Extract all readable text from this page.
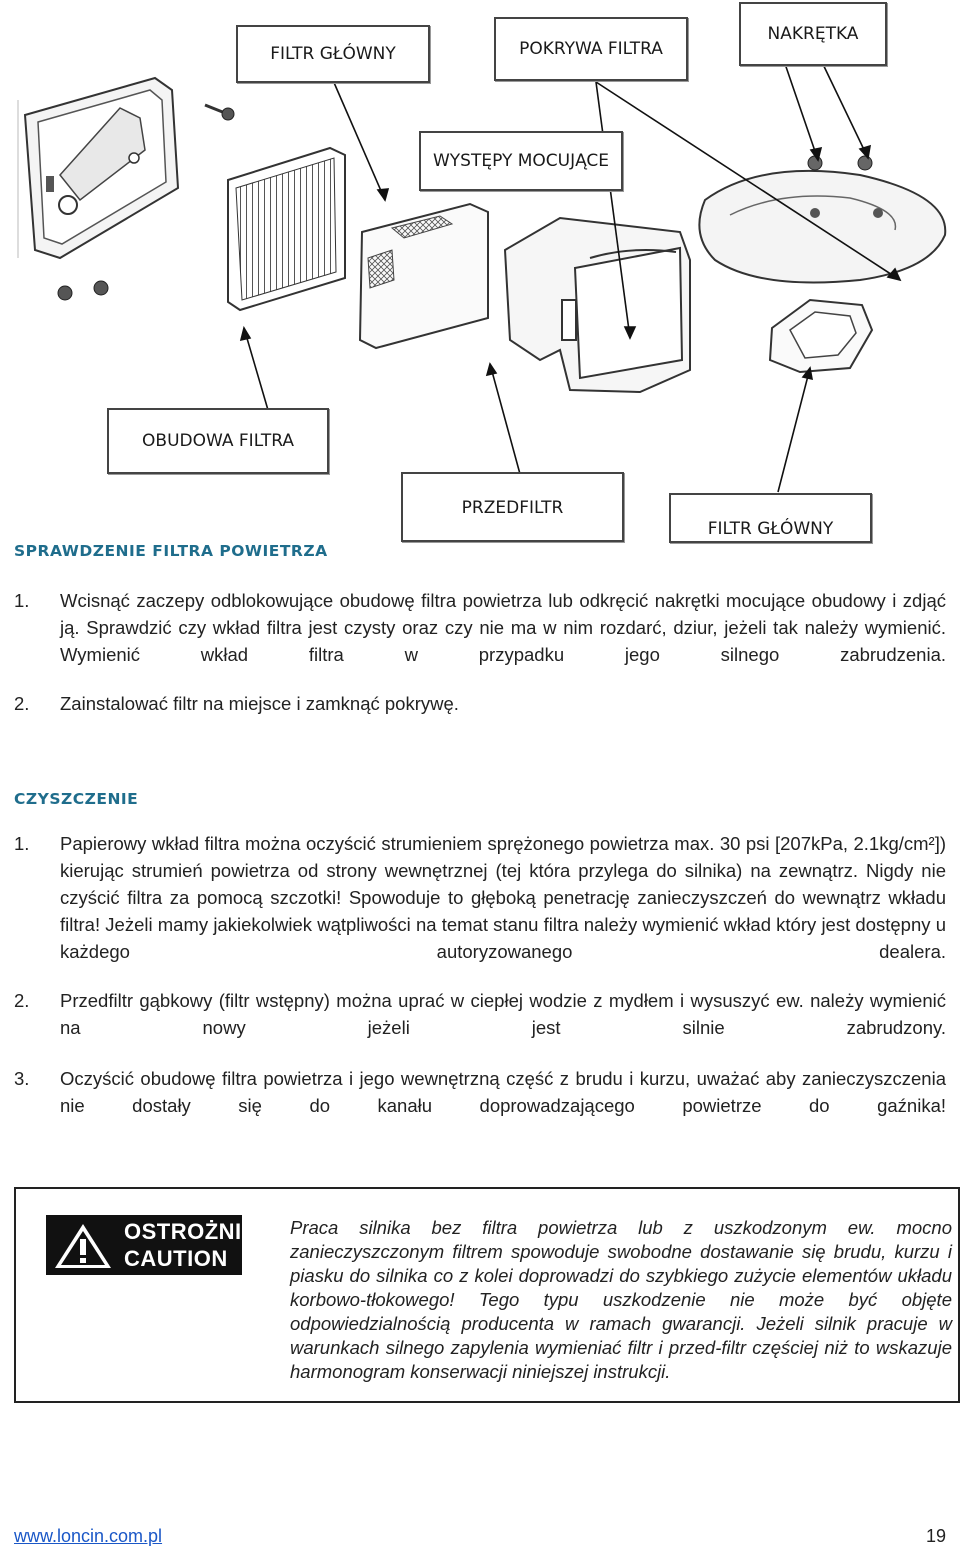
FILTR GŁÓWNY	POKRYWA FILTRA
NAKRĘTKA
WYSTĘPY MOCUJĄCE
OBUDOWA FILTRA
PRZEDFILTR
FILTR GŁÓWNY
SPRAWDZENIE FILTRA POWIETRZA
1. Wcisnąć zaczepy odblokowujące obudowę filtra powietrza lub odkręcić nakrętki mocujące obudowy i zdjąć ją. Sprawdzić czy wkład filtra jest czysty oraz czy nie ma w nim rozdarć, dziur, jeżeli tak należy wymienić. Wymienić wkład filtra w przypadku jego silnego zabrudzenia.
2. Zainstalować filtr na miejsce i zamknąć pokrywę.
CZYSZCZENIE
1. Papierowy wkład filtra można oczyścić strumieniem sprężonego powietrza max. 30 psi [207kPa, 2.1kg/cm²]) kierując strumień powietrza od strony wewnętrznej (tej która przylega do silnika) na zewnątrz. Nigdy nie czyścić filtra za pomocą szczotki! Spowoduje to głęboką penetrację zanieczyszczeń do wewnątrz wkładu filtra! Jeżeli mamy jakiekolwiek wątpliwości na temat stanu filtra należy wymienić wkład który jest dostępny u każdego autoryzowanego dealera.
2. Przedfiltr gąbkowy (filtr wstępny) można uprać w ciepłej wodzie z mydłem i wysuszyć ew. należy wymienić na nowy jeżeli jest silnie zabrudzony.
3. Oczyścić obudowę filtra powietrza i jego wewnętrzną część z brudu i kurzu, uważać aby zanieczyszczenia nie dostały się do kanału doprowadzającego powietrze do gaźnika!
OSTROŻNIE
CAUTION
Praca silnika bez filtra powietrza lub z uszkodzonym ew. mocno zanieczyszczonym filtrem spowoduje swobodne dostawanie się brudu, kurzu i piasku do silnika co z kolei doprowadzi do szybkiego zużycie elementów układu korbowo-tłokowego! Tego typu uszkodzenie nie może być objęte odpowiedzialnością producenta w ramach gwarancji. Jeżeli silnik pracuje w warunkach silnego zapylenia wymieniać filtr i przed-filtr częściej niż to wskazuje harmonogram konserwacji niniejszej instrukcji.
www.loncin.com.pl	19
